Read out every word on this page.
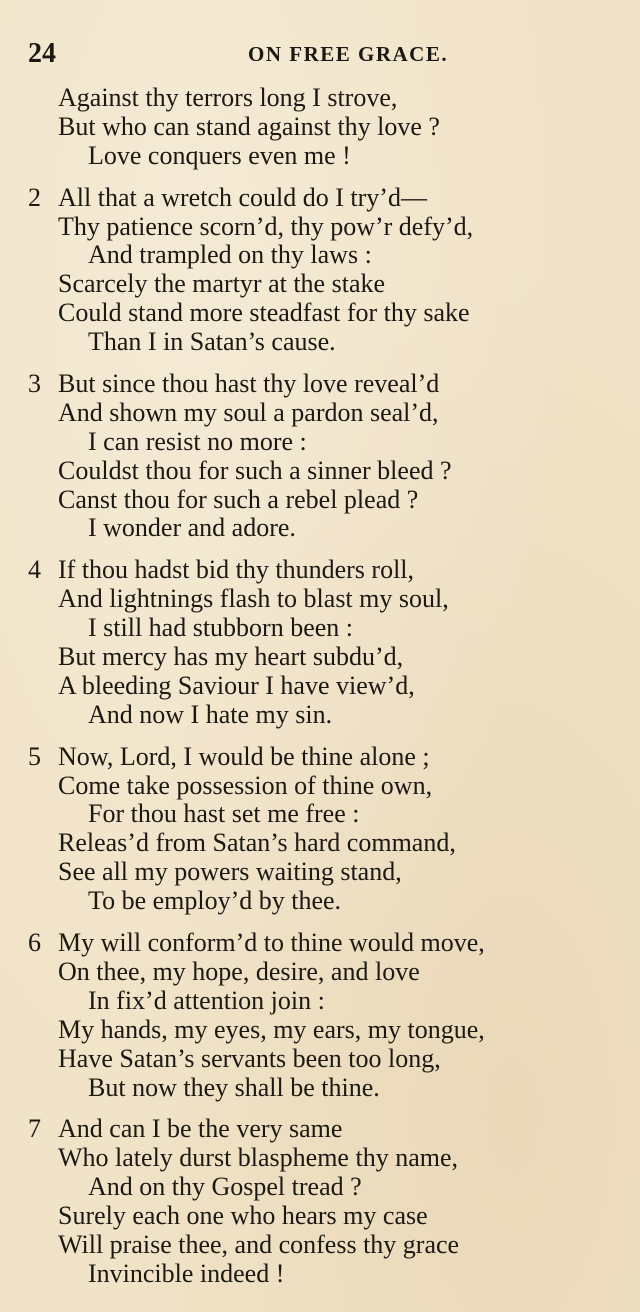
24	ON FREE GRACE.
Against thy terrors long I strove,
But who can stand against thy love ?
Love conquers even me !
2 All that a wretch could do I try’d—
Thy patience scorn’d, thy pow’r defy’d,
And trampled on thy laws :
Scarcely the martyr at the stake
Could stand more steadfast for thy sake
Than I in Satan’s cause.
3 But since thou hast thy love reveal’d
And shown my soul a pardon seal’d,
I can resist no more :
Couldst thou for such a sinner bleed ?
Canst thou for such a rebel plead ?
I wonder and adore.
4 If thou hadst bid thy thunders roll,
And lightnings flash to blast my soul,
I still had stubborn been :
But mercy has my heart subdu’d,
A bleeding Saviour I have view’d,
And now I hate my sin.
5 Now, Lord, I would be thine alone ;
Come take possession of thine own,
For thou hast set me free :
Releas’d from Satan’s hard command,
See all my powers waiting stand,
To be employ’d by thee.
6 My will conform’d to thine would move,
On thee, my hope, desire, and love
In fix’d attention join :
My hands, my eyes, my ears, my tongue,
Have Satan’s servants been too long,
But now they shall be thine.
7 And can I be the very same
Who lately durst blaspheme thy name,
And on thy Gospel tread ?
Surely each one who hears my case
Will praise thee, and confess thy grace
Invincible indeed !
